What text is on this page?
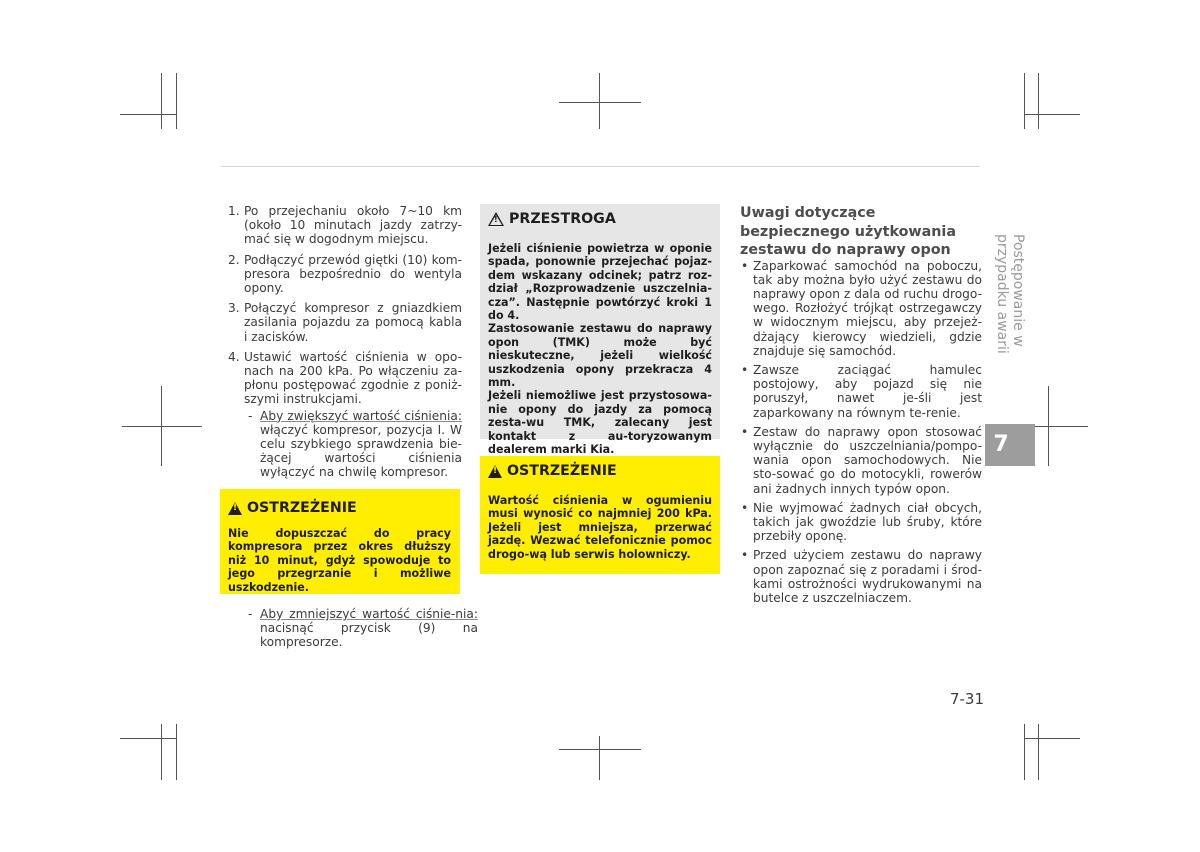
1. Po przejechaniu około 7~10 km (około 10 minutach jazdy zatrzy-mać się w dogodnym miejscu.
2. Podłączyć przewód giętki (10) kom-presora bezpośrednio do wentyla opony.
3. Połączyć kompresor z gniazdkiem zasilania pojazdu za pomocą kabla i zacisków.
4. Ustawić wartość ciśnienia w opo-nach na 200 kPa. Po włączeniu za-płonu postępować zgodnie z poniż-szymi instrukcjami.
- Aby zwiększyć wartość ciśnienia: włączyć kompresor, pozycja I. W celu szybkiego sprawdzenia bie-żącej wartości ciśnienia wyłączyć na chwilę kompresor.
!
OSTRZEŻENIE
Nie dopuszczać do pracy kompresora przez okres dłuższy niż 10 minut, gdyż spowoduje to jego przegrzanie i możliwe uszkodzenie.
- Aby zmniejszyć wartość ciśnie-nia: nacisnąć przycisk (9) na kompresorze.
!
PRZESTROGA

Jeżeli ciśnienie powietrza w oponie spada, ponownie przejechać pojaz-dem wskazany odcinek; patrz roz-dział „Rozprowadzenie uszczelnia-cza”. Następnie powtórzyć kroki 1 do 4.

Zastosowanie zestawu do naprawy opon (TMK) może być nieskuteczne, jeżeli wielkość uszkodzenia opony przekracza 4 mm.

Jeżeli niemożliwe jest przystosowa-nie opony do jazdy za pomocą zesta-wu TMK, zalecany jest kontakt z au-toryzowanym dealerem marki Kia.

!
OSTRZEŻENIE
Wartość ciśnienia w ogumieniu musi wynosić co najmniej 200 kPa. Jeżeli jest mniejsza, przerwać jazdę. Wezwać telefonicznie pomoc drogo-wą lub serwis holowniczy.
Uwagi dotyczące bezpiecznego użytkowania zestawu do naprawy opon
• Zaparkować samochód na poboczu, tak aby można było użyć zestawu do naprawy opon z dala od ruchu drogo-wego. Rozłożyć trójkąt ostrzegawczy w widocznym miejscu, aby przejeż-dżający kierowcy wiedzieli, gdzie znajduje się samochód.
• Zawsze zaciągać hamulec postojowy, aby pojazd się nie poruszył, nawet je-śli jest zaparkowany na równym te-renie.
• Zestaw do naprawy opon stosować wyłącznie do uszczelniania/pompo-wania opon samochodowych. Nie sto-sować go do motocykli, rowerów ani żadnych innych typów opon.
• Nie wyjmować żadnych ciał obcych, takich jak gwoździe lub śruby, które przebiły oponę.
• Przed użyciem zestawu do naprawy opon zapoznać się z poradami i środ-kami ostrożności wydrukowanymi na butelce z uszczelniaczem.
Postępowanie w przypadku awarii
7
7-31
